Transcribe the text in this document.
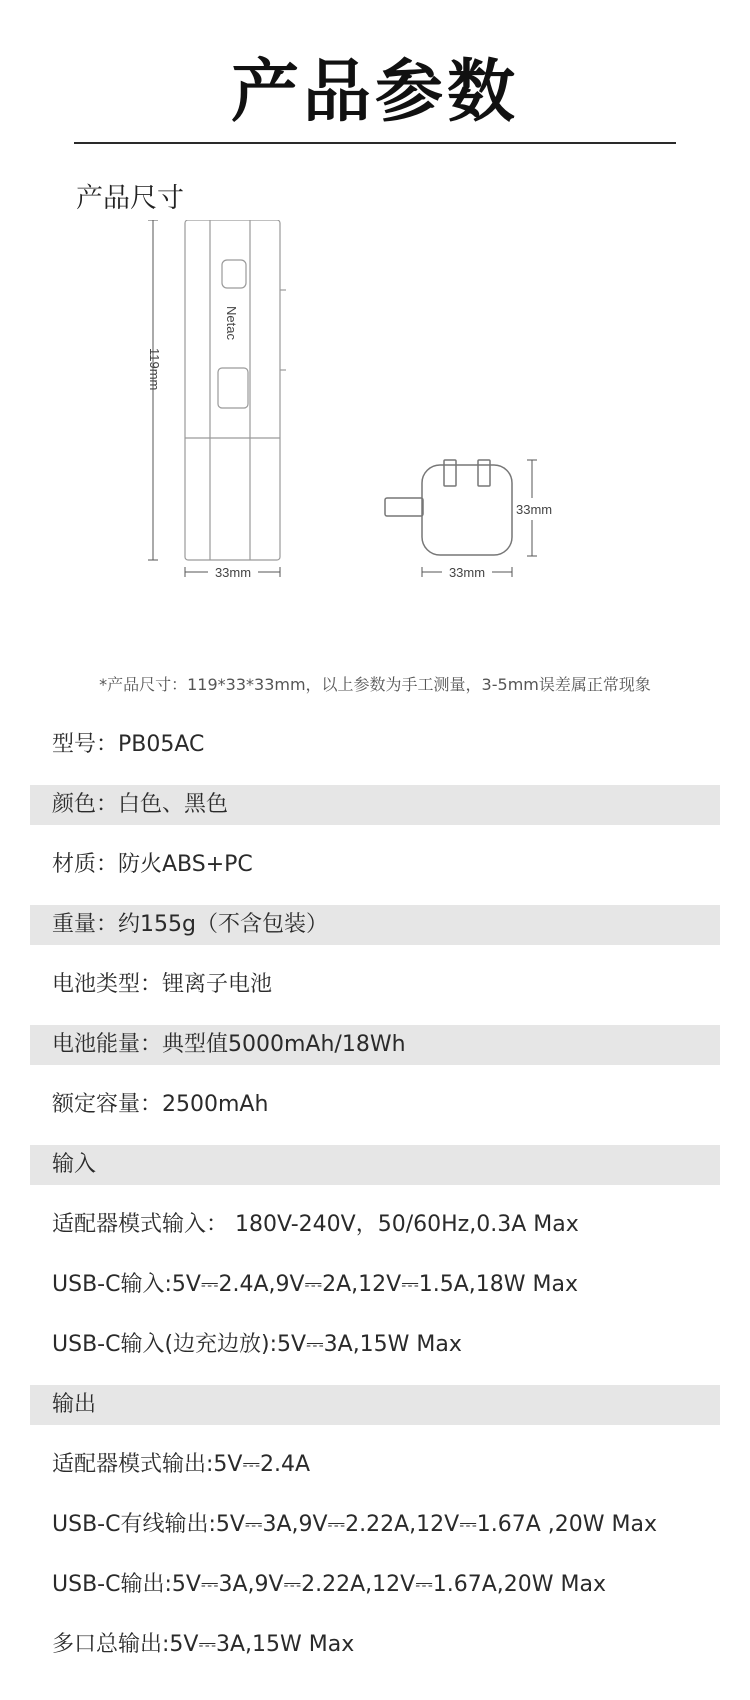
产品参数
产品尺寸
Netac
119mm
33mm
33mm
33mm
*产品尺寸：119*33*33mm，以上参数为手工测量，3-5mm误差属正常现象
型号：PB05AC
颜色：白色、黑色
材质：防火ABS+PC
重量：约155g（不含包装）
电池类型：锂离子电池
电池能量：典型值5000mAh/18Wh
额定容量：2500mAh
输入
适配器模式输入： 180V-240V，50/60Hz,0.3A Max
USB-C输入:5V⎓2.4A,9V⎓2A,12V⎓1.5A,18W Max
USB-C输入(边充边放):5V⎓3A,15W Max
输出
适配器模式输出:5V⎓2.4A
USB-C有线输出:5V⎓3A,9V⎓2.22A,12V⎓1.67A ,20W Max
USB-C输出:5V⎓3A,9V⎓2.22A,12V⎓1.67A,20W Max
多口总输出:5V⎓3A,15W Max
